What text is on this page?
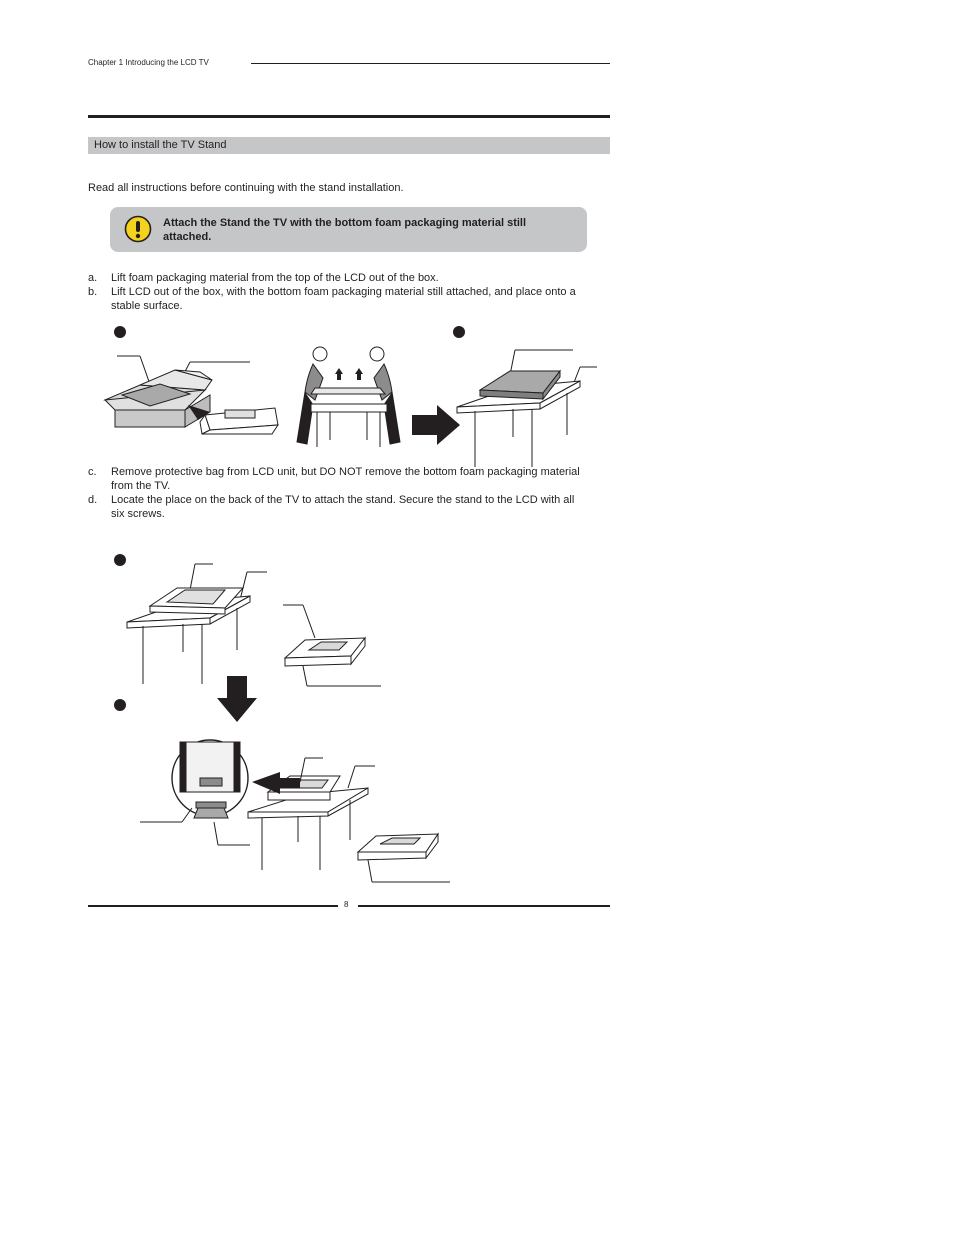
Chapter 1 Introducing the LCD TV
How to install the TV Stand
Read all instructions before continuing with the stand installation.
Attach the Stand the TV with the bottom foam packaging material still attached.
a. Lift foam packaging material from the top of the LCD out of the box.
b. Lift LCD out of the box, with the bottom foam packaging material still attached, and place onto a stable surface.
c. Remove protective bag from LCD unit, but DO NOT remove the bottom foam packaging material from the TV.
d. Locate the place on the back of the TV to attach the stand. Secure the stand to the LCD with all six screws.
8
